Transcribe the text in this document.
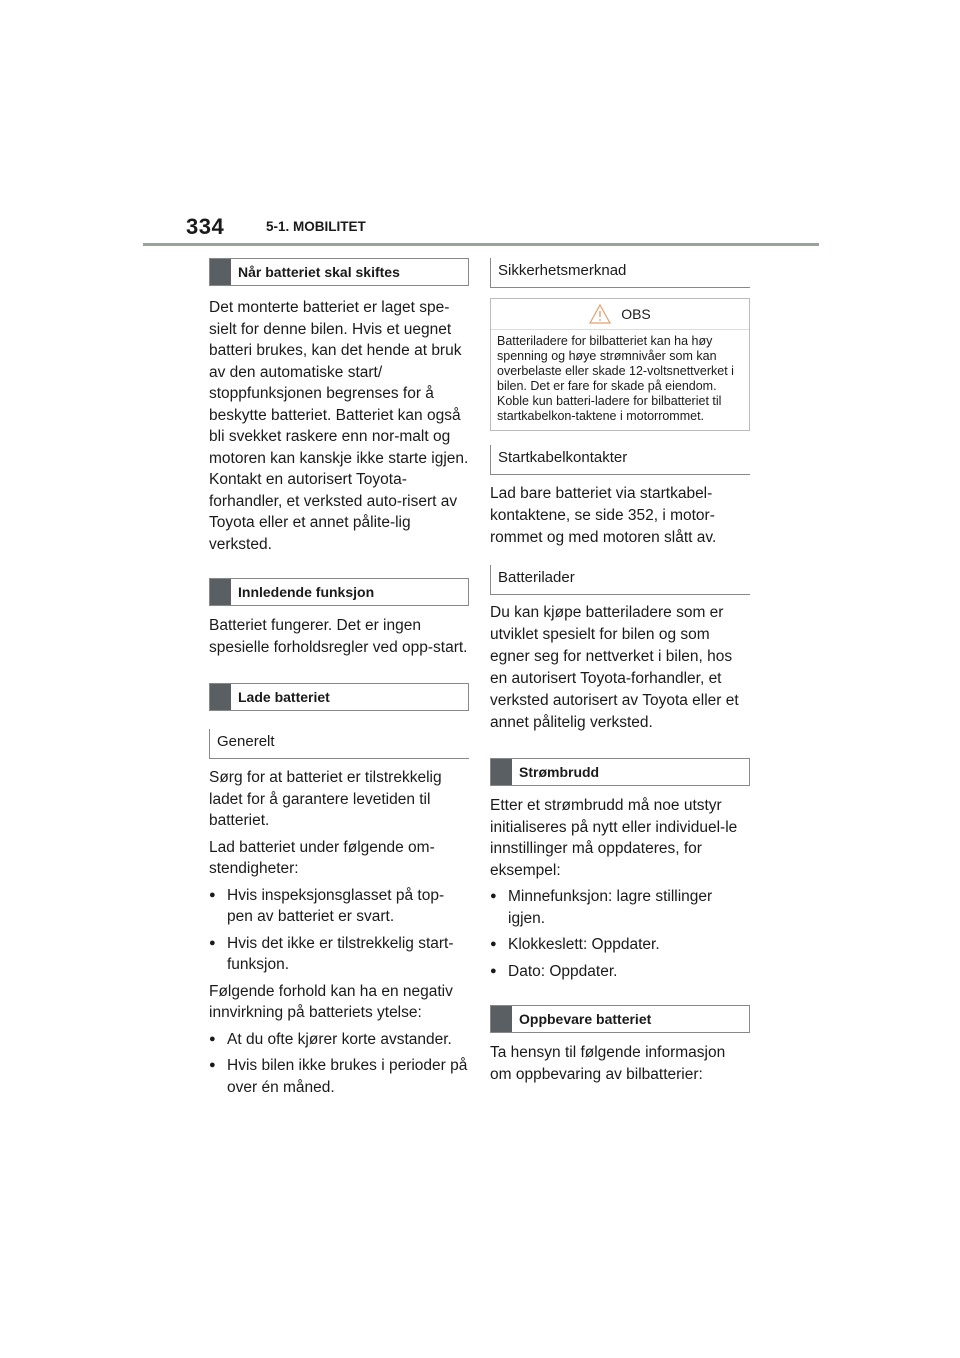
334	5-1. MOBILITET
Når batteriet skal skiftes

Det monterte batteriet er laget spe-sielt for denne bilen. Hvis et uegnet batteri brukes, kan det hende at bruk av den automatiske start/ stoppfunksjonen begrenses for å beskytte batteriet. Batteriet kan også bli svekket raskere enn nor-malt og motoren kan kanskje ikke starte igjen. Kontakt en autorisert Toyota-forhandler, et verksted auto-risert av Toyota eller et annet pålite-lig verksted.

Innledende funksjon

Batteriet fungerer. Det er ingen spesielle forholdsregler ved opp-start.

Lade batteriet
Generelt

Sørg for at batteriet er tilstrekkelig ladet for å garantere levetiden til batteriet.

Lad batteriet under følgende om-stendigheter:

● Hvis inspeksjonsglasset på top-pen av batteriet er svart.
● Hvis det ikke er tilstrekkelig start-funksjon.

Følgende forhold kan ha en negativ innvirkning på batteriets ytelse:

● At du ofte kjører korte avstander.
● Hvis bilen ikke brukes i perioder på over én måned.
Sikkerhetsmerknad
OBS
Batteriladere for bilbatteriet kan ha høy spenning og høye strømnivåer som kan overbelaste eller skade 12-voltsnettverket i bilen. Det er fare for skade på eiendom. Koble kun batteri-ladere for bilbatteriet til startkabelkon-taktene i motorrommet.
Startkabelkontakter

Lad bare batteriet via startkabel-kontaktene, se side 352, i motor-rommet og med motoren slått av.

Batterilader

Du kan kjøpe batteriladere som er utviklet spesielt for bilen og som egner seg for nettverket i bilen, hos en autorisert Toyota-forhandler, et verksted autorisert av Toyota eller et annet pålitelig verksted.

Strømbrudd

Etter et strømbrudd må noe utstyr initialiseres på nytt eller individuel-le innstillinger må oppdateres, for eksempel:

● Minnefunksjon: lagre stillinger igjen.
● Klokkeslett: Oppdater.
● Dato: Oppdater.
Oppbevare batteriet

Ta hensyn til følgende informasjon om oppbevaring av bilbatterier:
